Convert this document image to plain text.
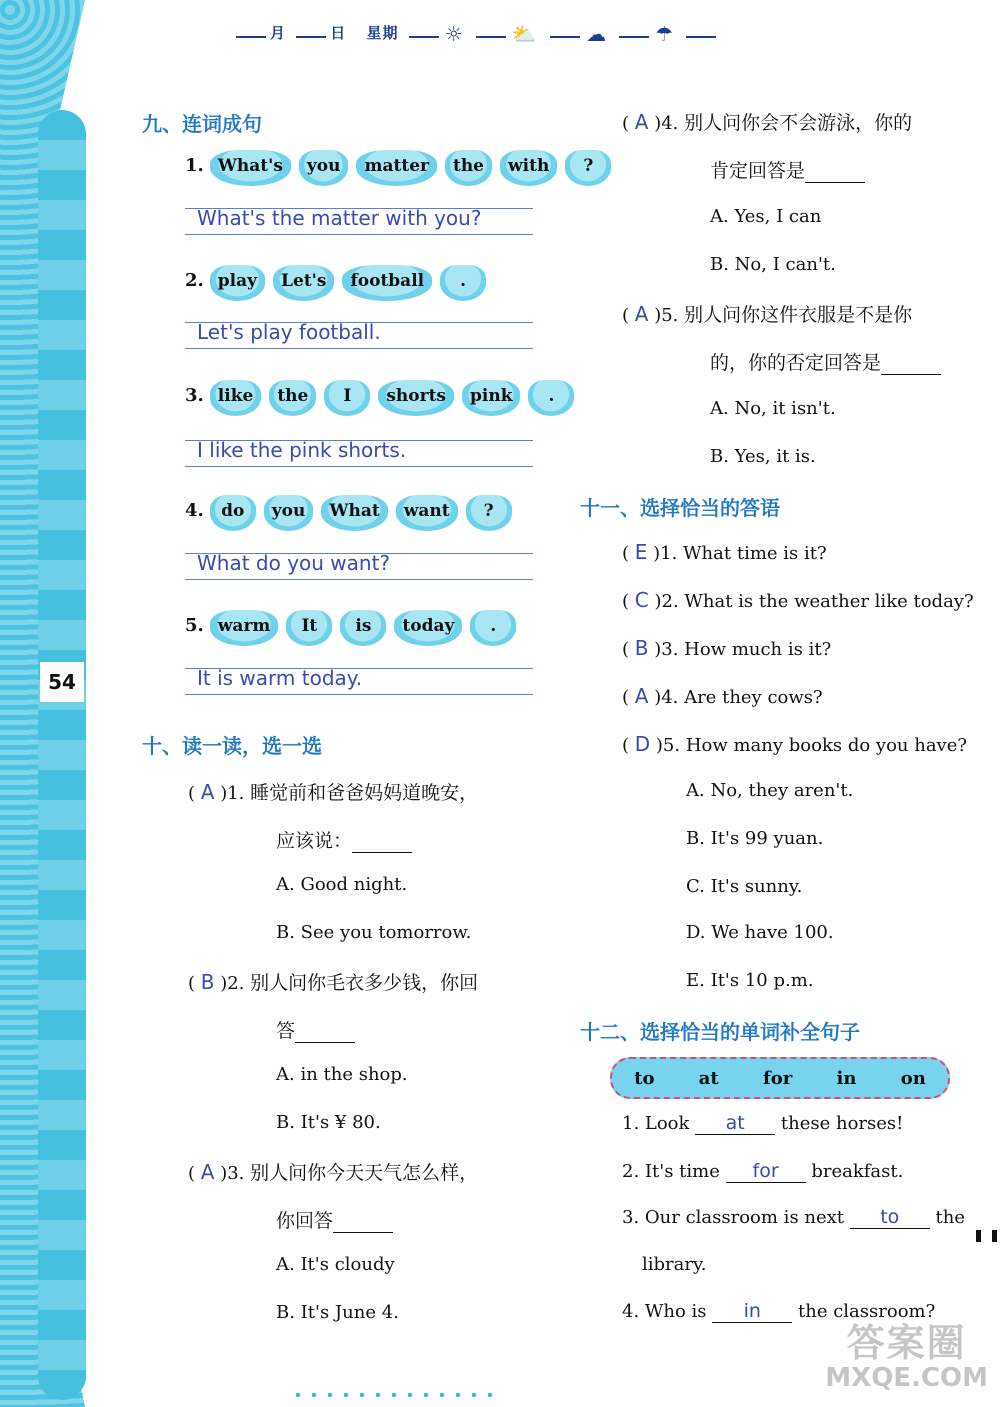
54
月	日 星期 ☼ ⛅ ☁ ☂
九、连词成句
1. What's you matter the with ?
What's the matter with you?
2. play Let's football .
Let's play football.
3. like the I shorts pink .
I like the pink shorts.
4. do you What want ?
What do you want?
5. warm It is today .
It is warm today.
十、读一读，选一选
( A )1. 睡觉前和爸爸妈妈道晚安，
应该说：
A. Good night.
B. See you tomorrow.
( B )2. 别人问你毛衣多少钱，你回
答
A. in the shop.
B. It's ¥ 80.
( A )3. 别人问你今天天气怎么样，
你回答
A. It's cloudy
B. It's June 4.
( A )4. 别人问你会不会游泳，你的
肯定回答是
A. Yes, I can
B. No, I can't.
( A )5. 别人问你这件衣服是不是你
的，你的否定回答是
A. No, it isn't.
B. Yes, it is.
十一、选择恰当的答语
( E )1. What time is it?
( C )2. What is the weather like today?
( B )3. How much is it?
( A )4. Are they cows?
( D )5. How many books do you have?
A. No, they aren't.
B. It's 99 yuan.
C. It's sunny.
D. We have 100.
E. It's 10 p.m.
十二、选择恰当的单词补全句子
to at for in on
1. Look at these horses!
2. It's time for breakfast.
3. Our classroom is next to the
library.
4. Who is in the classroom?
答案圈
MXQE.COM
